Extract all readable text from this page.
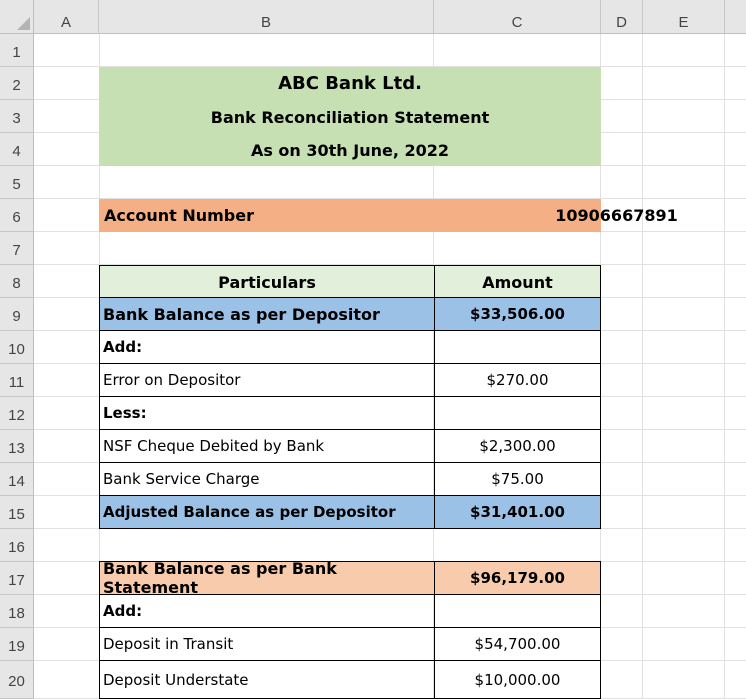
A	B	C	D	E
1
2
3
4
5
6
7
8
9
10
11
12
13
14
15
16
17
18
19
20
ABC Bank Ltd.
Bank Reconciliation Statement
As on 30th June, 2022
Account Number	10906667891
Particulars	Amount
Bank Balance as per Depositor	$33,506.00
Add:
Error on Depositor	$270.00
Less:
NSF Cheque Debited by Bank	$2,300.00
Bank Service Charge	$75.00
Adjusted Balance as per Depositor	$31,401.00
Bank Balance as per Bank Statement	$96,179.00
Add:
Deposit in Transit	$54,700.00
Deposit Understate	$10,000.00
